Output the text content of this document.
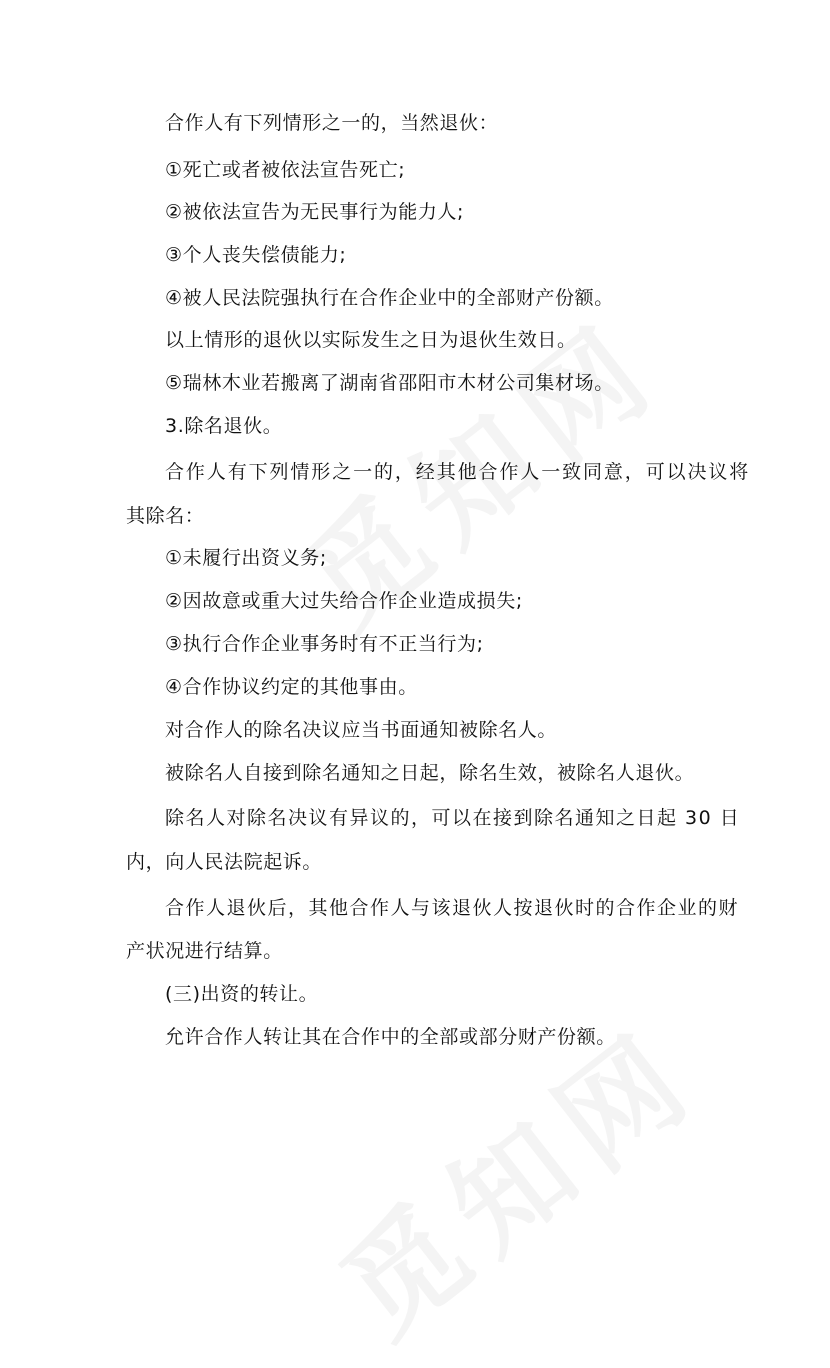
合作人有下列情形之一的，当然退伙：
①死亡或者被依法宣告死亡;
②被依法宣告为无民事行为能力人;
③个人丧失偿债能力;
④被人民法院强执行在合作企业中的全部财产份额。
以上情形的退伙以实际发生之日为退伙生效日。
⑤瑞林木业若搬离了湖南省邵阳市木材公司集材场。
3.除名退伙。
合作人有下列情形之一的，经其他合作人一致同意，可以决议将
其除名：
①未履行出资义务;
②因故意或重大过失给合作企业造成损失;
③执行合作企业事务时有不正当行为;
④合作协议约定的其他事由。
对合作人的除名决议应当书面通知被除名人。
被除名人自接到除名通知之日起，除名生效，被除名人退伙。
除名人对除名决议有异议的，可以在接到除名通知之日起 30 日
内，向人民法院起诉。
合作人退伙后，其他合作人与该退伙人按退伙时的合作企业的财
产状况进行结算。
(三)出资的转让。
允许合作人转让其在合作中的全部或部分财产份额。
